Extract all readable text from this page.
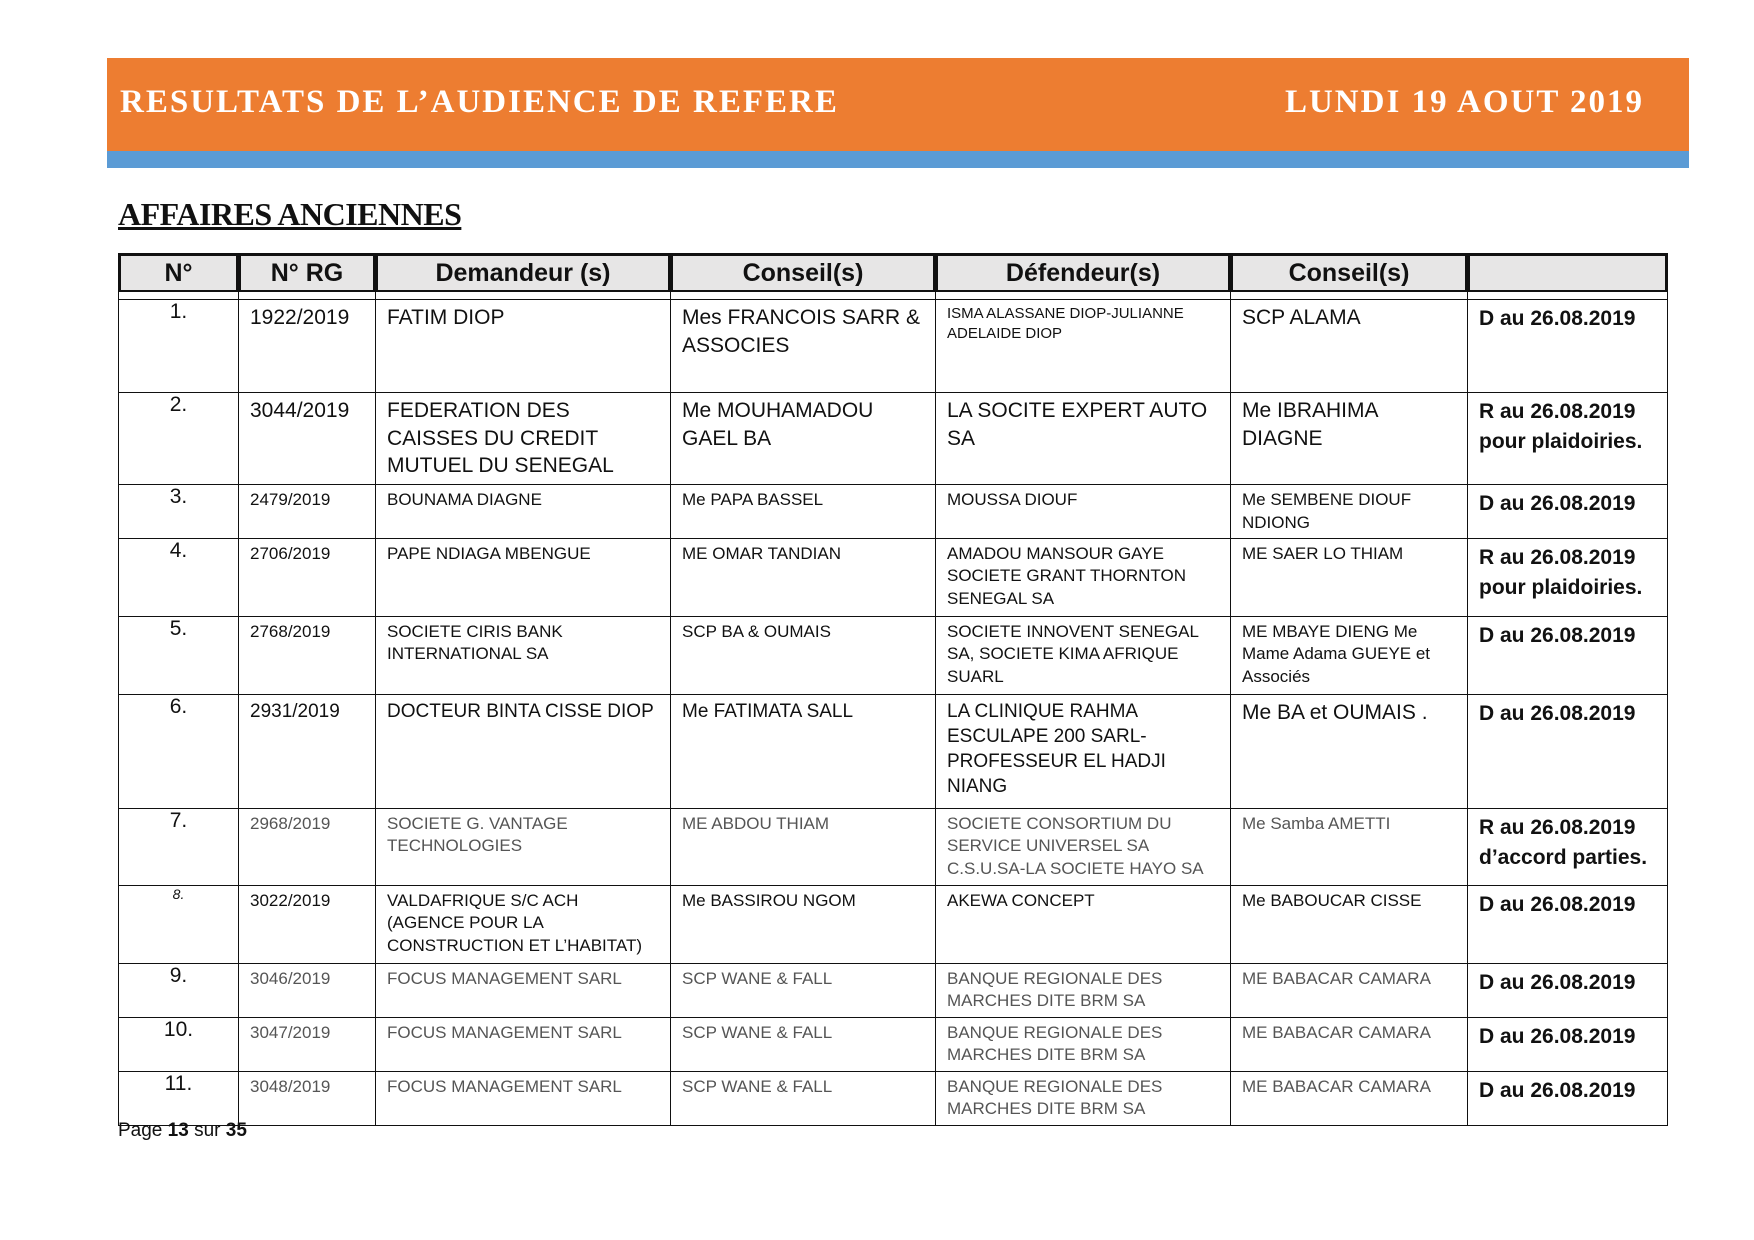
RESULTATS DE L’AUDIENCE DE REFERE	LUNDI 19 AOUT 2019
AFFAIRES ANCIENNES
N°	N° RG	Demandeur (s)	Conseil(s)	Défendeur(s)	Conseil(s)	

1.	1922/2019	FATIM DIOP	Mes FRANCOIS SARR & ASSOCIES	ISMA ALASSANE DIOP-JULIANNE ADELAIDE DIOP	SCP ALAMA	D au 26.08.2019

2.	3044/2019	FEDERATION DES CAISSES DU CREDIT MUTUEL DU SENEGAL	Me MOUHAMADOU GAEL BA	LA SOCITE EXPERT AUTO SA	Me IBRAHIMA DIAGNE	R au 26.08.2019 pour plaidoiries.

3.	2479/2019	BOUNAMA DIAGNE	Me PAPA BASSEL	MOUSSA DIOUF	Me SEMBENE DIOUF NDIONG	D au 26.08.2019

4.	2706/2019	PAPE NDIAGA MBENGUE	ME OMAR TANDIAN	AMADOU MANSOUR GAYE SOCIETE GRANT THORNTON SENEGAL SA	ME SAER LO THIAM	R au 26.08.2019 pour plaidoiries.

5.	2768/2019	SOCIETE CIRIS BANK INTERNATIONAL SA	SCP BA & OUMAIS	SOCIETE INNOVENT SENEGAL SA, SOCIETE KIMA AFRIQUE SUARL	ME MBAYE DIENG Me Mame Adama GUEYE et Associés	D au 26.08.2019

6.	2931/2019	DOCTEUR BINTA CISSE DIOP	Me FATIMATA SALL	LA CLINIQUE RAHMA ESCULAPE 200 SARL- PROFESSEUR EL HADJI NIANG	Me BA et OUMAIS .	D au 26.08.2019

7.	2968/2019	SOCIETE G. VANTAGE TECHNOLOGIES	ME ABDOU THIAM	SOCIETE CONSORTIUM DU SERVICE UNIVERSEL SA C.S.U.SA-LA SOCIETE HAYO SA	Me Samba AMETTI	R au 26.08.2019 d’accord parties.

8.	3022/2019	VALDAFRIQUE S/C ACH (AGENCE POUR LA CONSTRUCTION ET L’HABITAT)	Me BASSIROU NGOM	AKEWA CONCEPT	Me BABOUCAR CISSE	D au 26.08.2019

9.	3046/2019	FOCUS MANAGEMENT SARL	SCP WANE & FALL	BANQUE REGIONALE DES MARCHES DITE BRM SA	ME BABACAR CAMARA	D au 26.08.2019

10.	3047/2019	FOCUS MANAGEMENT SARL	SCP WANE & FALL	BANQUE REGIONALE DES MARCHES DITE BRM SA	ME BABACAR CAMARA	D au 26.08.2019

11.	3048/2019	FOCUS MANAGEMENT SARL	SCP WANE & FALL	BANQUE REGIONALE DES MARCHES DITE BRM SA	ME BABACAR CAMARA	D au 26.08.2019
Page 13 sur 35
